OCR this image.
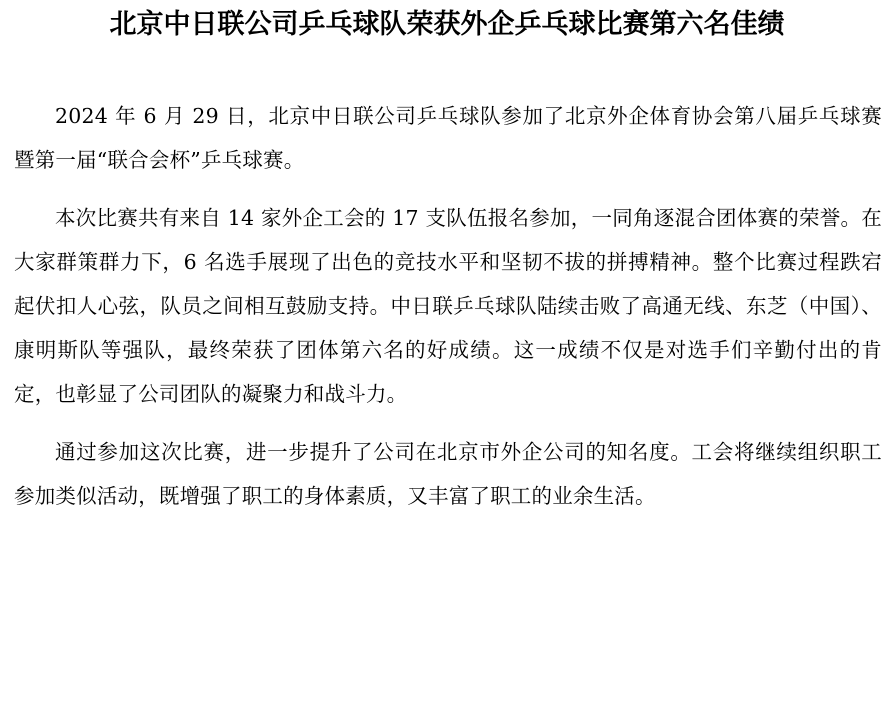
北京中日联公司乒乓球队荣获外企乒乓球比赛第六名佳绩

2024 年 6 月 29 日，北京中日联公司乒乓球队参加了北京外企体育协会第八届乒乓球赛暨第一届“联合会杯”乒乓球赛。

本次比赛共有来自 14 家外企工会的 17 支队伍报名参加，一同角逐混合团体赛的荣誉。在大家群策群力下，6 名选手展现了出色的竞技水平和坚韧不拔的拼搏精神。整个比赛过程跌宕起伏扣人心弦，队员之间相互鼓励支持。中日联乒乓球队陆续击败了高通无线、东芝（中国）、康明斯队等强队，最终荣获了团体第六名的好成绩。这一成绩不仅是对选手们辛勤付出的肯定，也彰显了公司团队的凝聚力和战斗力。

通过参加这次比赛，进一步提升了公司在北京市外企公司的知名度。工会将继续组织职工参加类似活动，既增强了职工的身体素质，又丰富了职工的业余生活。
